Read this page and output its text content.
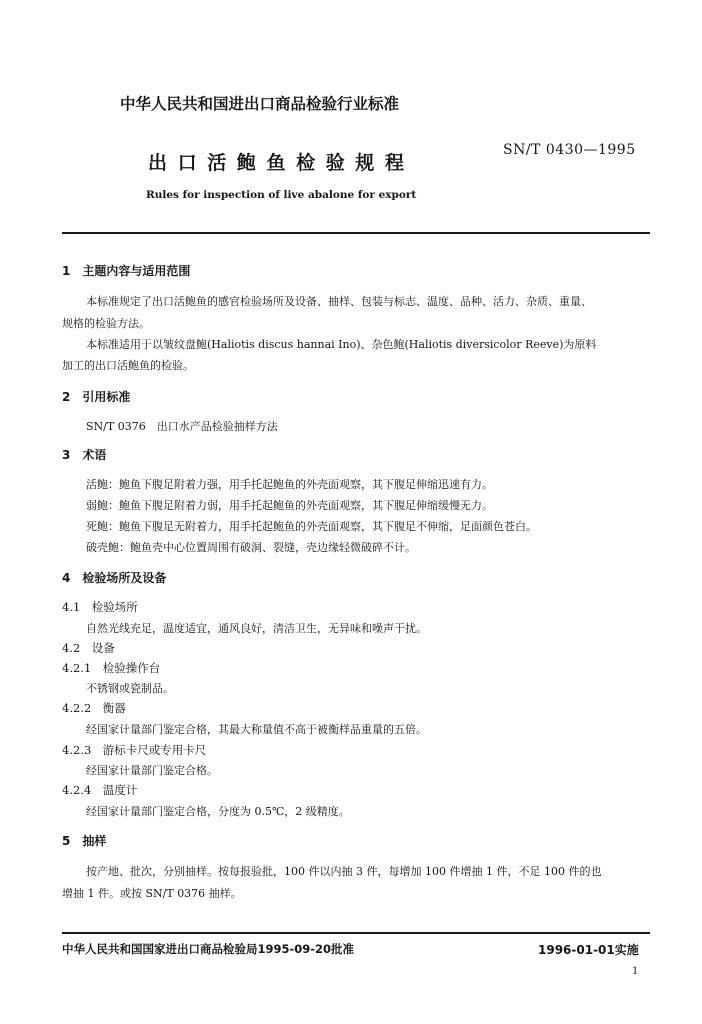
中华人民共和国进出口商品检验行业标准
出 口 活 鲍 鱼 检 验 规 程
SN/T 0430—1995
Rules for inspection of live abalone for export
1　主题内容与适用范围
本标准规定了出口活鲍鱼的感官检验场所及设备、抽样、包装与标志、温度、品种、活力、杂质、重量、
规格的检验方法。
本标准适用于以皱纹盘鲍(Haliotis discus hannai Ino)、杂色鲍(Haliotis diversicolor Reeve)为原料
加工的出口活鲍鱼的检验。
2　引用标准
SN/T 0376　出口水产品检验抽样方法
3　术语
活鲍：鲍鱼下腹足附着力强，用手托起鲍鱼的外壳面观察，其下腹足伸缩迅速有力。
弱鲍：鲍鱼下腹足附着力弱，用手托起鲍鱼的外壳面观察，其下腹足伸缩缓慢无力。
死鲍：鲍鱼下腹足无附着力，用手托起鲍鱼的外壳面观察，其下腹足不伸缩，足面颜色苍白。
破壳鲍：鲍鱼壳中心位置周围有破洞、裂缝，壳边缘轻微破碎不计。
4　检验场所及设备
4.1　检验场所
自然光线充足，温度适宜，通风良好，清洁卫生，无异味和噪声干扰。
4.2　设备
4.2.1　检验操作台
不锈钢或瓷制品。
4.2.2　衡器
经国家计量部门鉴定合格，其最大称量值不高于被衡样品重量的五倍。
4.2.3　游标卡尺或专用卡尺
经国家计量部门鉴定合格。
4.2.4　温度计
经国家计量部门鉴定合格，分度为 0.5℃，2 级精度。
5　抽样
按产地、批次，分别抽样。按每报验批，100 件以内抽 3 件，每增加 100 件增抽 1 件，不足 100 件的也
增抽 1 件。或按 SN/T 0376 抽样。
中华人民共和国国家进出口商品检验局1995-09-20批准	1996-01-01实施
1
